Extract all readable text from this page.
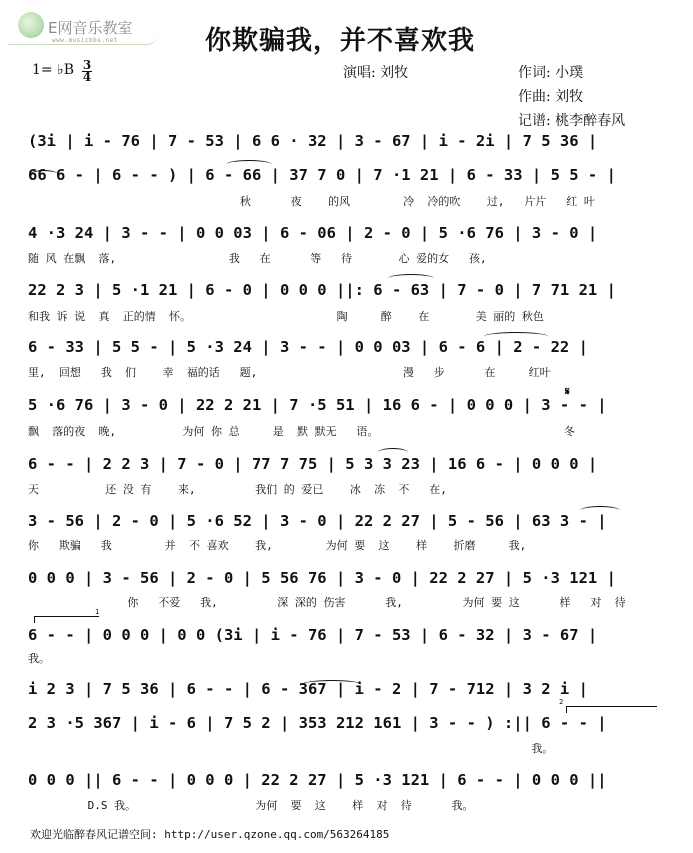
E网音乐教室
www.musicbbs.net	你欺骗我，并不喜欢我
1= ♭B 3
4	演唱: 刘牧	作词: 小璞
作曲: 刘牧
记谱: 桃李醉春风
(3i | i - 76 | 7 - 53 | 6 6 · 32 | 3 - 67 | i - 2i | 7 5 36 |
66 6 - | 6 - - ) | 6 - 66 | 37 7 0 | 7 ·1 21 | 6 - 33 | 5 5 - |
秋      夜    的风        冷  冷的吹    过,   片片   红 叶
4 ·3 24 | 3 - - | 0 0 03 | 6 - 06 | 2 - 0 | 5 ·6 76 | 3 - 0 |
随 风 在飘  落,                 我   在      等   待       心 爱的女   孩,
22 2 3 | 5 ·1 21 | 6 - 0 | 0 0 0 ||: 6 - 63 | 7 - 0 | 7 71 21 |
和我 诉 说  真  正的情  怀。                      陶     醉    在       美 丽的 秋色
6 - 33 | 5 5 - | 5 ·3 24 | 3 - - | 0 0 03 | 6 - 6 | 2 - 22 |
里,  回想   我  们    幸  福的话   题,                      漫   步      在     红叶
5 ·6 76 | 3 - 0 | 22 2 21 | 7 ·5 51 | 16 6 - | 0 0 0 | 3 - - |
飘  落的夜  晚,          为何 你 总     是  默 默无   语。                            冬
6 - - | 2 2 3 | 7 - 0 | 77 7 75 | 5 3 3 23 | 16 6 - | 0 0 0 |
天          还 没 有    来,         我们 的 爱已    冰  冻  不   在,
3 - 56 | 2 - 0 | 5 ·6 52 | 3 - 0 | 22 2 27 | 5 - 56 | 63 3 - |
你   欺骗   我        并  不 喜欢    我,        为何 要  这    样    折磨     我,
0 0 0 | 3 - 56 | 2 - 0 | 5 56 76 | 3 - 0 | 22 2 27 | 5 ·3 121 |
你   不爱   我,         深 深的 伤害      我,         为何 要 这      样   对  待
6 - - | 0 0 0 | 0 0 (3i | i - 76 | 7 - 53 | 6 - 32 | 3 - 67 |
我。
i 2 3 | 7 5 36 | 6 - - | 6 - 367 | i - 2 | 7 - 712 | 3 2 i |
2 3 ·5 367 | i - 6 | 7 5 2 | 353 212 161 | 3 - - ) :|| 6 - - |
我。
0 0 0 || 6 - - | 0 0 0 | 22 2 27 | 5 ·3 121 | 6 - - | 0 0 0 ||
D.S 我。                  为何  要  这    样  对  待      我。
1
2
𝄋
欢迎光临醉春风记谱空间: http://user.qzone.qq.com/563264185
